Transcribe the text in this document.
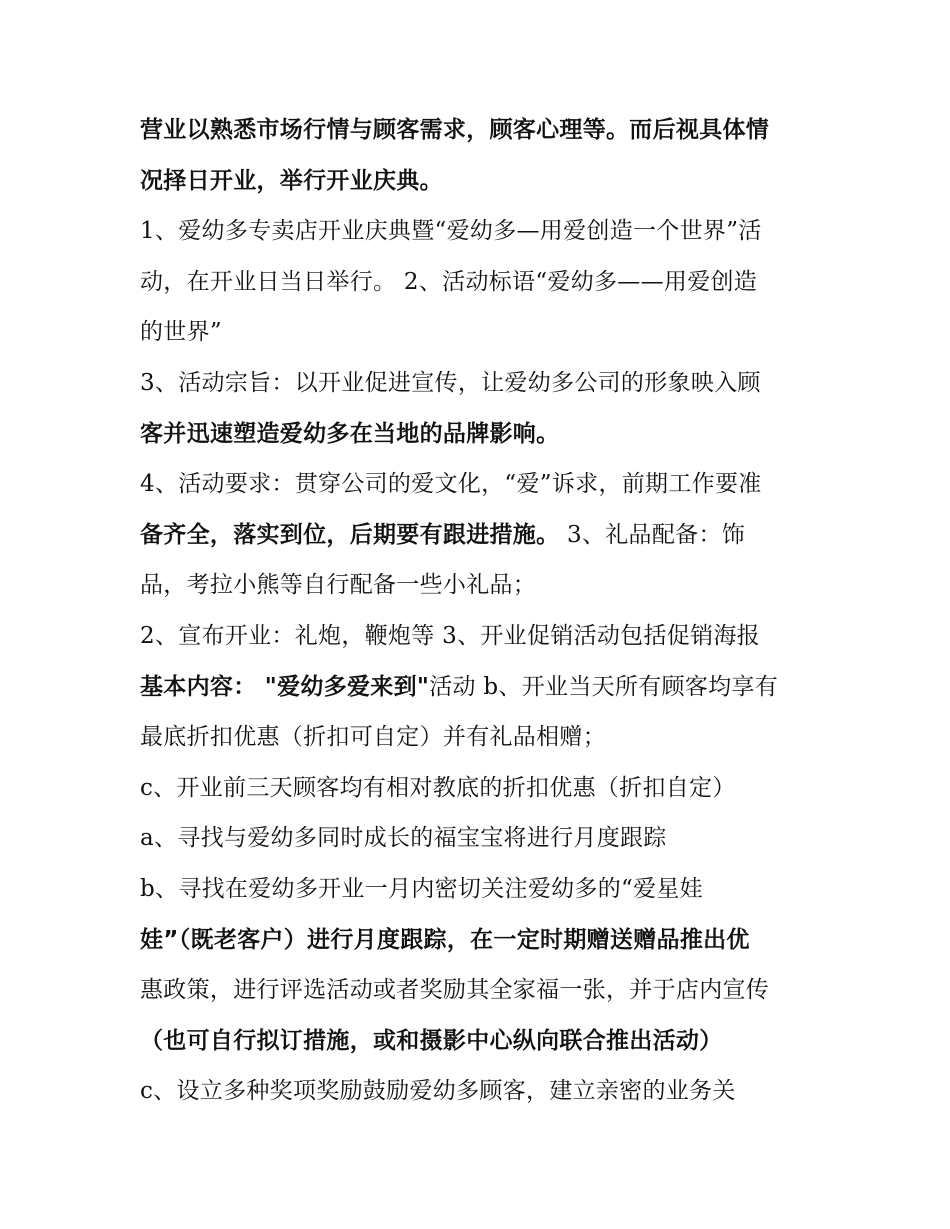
营业以熟悉市场行情与顾客需求，顾客心理等。而后视具体情
况择日开业，举行开业庆典。
1、爱幼多专卖店开业庆典暨“爱幼多—用爱创造一个世界”活
动，在开业日当日举行。 2、活动标语“爱幼多——用爱创造
的世界”
3、活动宗旨：以开业促进宣传，让爱幼多公司的形象映入顾
客并迅速塑造爱幼多在当地的品牌影响。
4、活动要求：贯穿公司的爱文化，“爱”诉求，前期工作要准
备齐全，落实到位，后期要有跟进措施。 3、礼品配备：饰
品，考拉小熊等自行配备一些小礼品；
2、宣布开业：礼炮，鞭炮等 3、开业促销活动包括促销海报
基本内容： "爱幼多爱来到"活动 b、开业当天所有顾客均享有
最底折扣优惠（折扣可自定）并有礼品相赠；
c、开业前三天顾客均有相对教底的折扣优惠（折扣自定）
a、寻找与爱幼多同时成长的福宝宝将进行月度跟踪
b、寻找在爱幼多开业一月内密切关注爱幼多的“爱星娃
娃”（既老客户）进行月度跟踪，在一定时期赠送赠品推出优
惠政策，进行评选活动或者奖励其全家福一张，并于店内宣传
（也可自行拟订措施，或和摄影中心纵向联合推出活动）
c、设立多种奖项奖励鼓励爱幼多顾客，建立亲密的业务关
